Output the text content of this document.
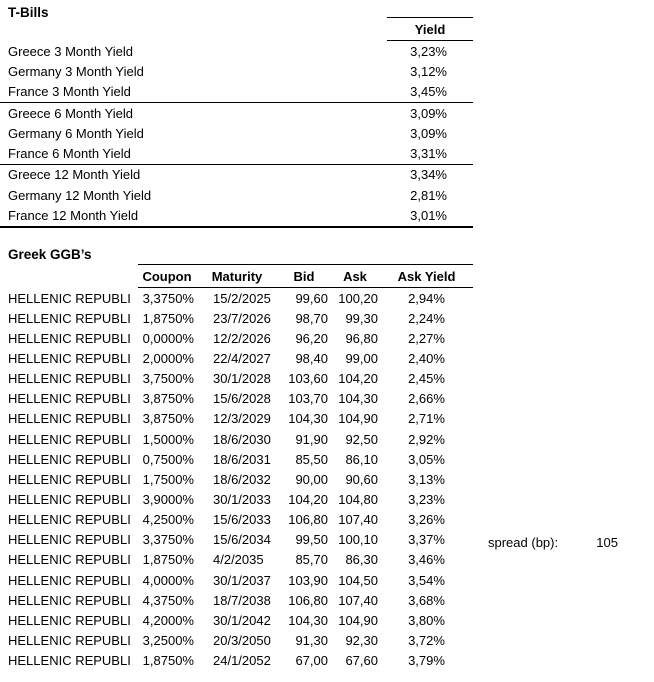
T-Bills
Yield
Greece 3 Month Yield	3,23%
Germany 3 Month Yield	3,12%
France 3 Month Yield	3,45%
Greece 6 Month Yield	3,09%
Germany 6 Month Yield	3,09%
France 6 Month Yield	3,31%
Greece 12 Month Yield	3,34%
Germany 12 Month Yield	2,81%
France 12 Month Yield	3,01%
Greek GGB’s
Coupon	Maturity	Bid	Ask	Ask Yield
HELLENIC REPUBLI 3,3750%	15/2/2025	99,60 100,20	2,94%
HELLENIC REPUBLI 1,8750%	23/7/2026	98,70	99,30	2,24%
HELLENIC REPUBLI 0,0000%	12/2/2026	96,20	96,80	2,27%
HELLENIC REPUBLI 2,0000%	22/4/2027	98,40	99,00	2,40%
HELLENIC REPUBLI 3,7500%	30/1/2028	103,60 104,20	2,45%
HELLENIC REPUBLI 3,8750%	15/6/2028	103,70 104,30	2,66%
HELLENIC REPUBLI 3,8750%	12/3/2029	104,30 104,90	2,71%
HELLENIC REPUBLI 1,5000%	18/6/2030	91,90	92,50	2,92%
HELLENIC REPUBLI 0,7500%	18/6/2031	85,50	86,10	3,05%
HELLENIC REPUBLI 1,7500%	18/6/2032	90,00	90,60	3,13%
HELLENIC REPUBLI 3,9000%	30/1/2033	104,20 104,80	3,23%
HELLENIC REPUBLI 4,2500%	15/6/2033	106,80 107,40	3,26%
HELLENIC REPUBLI 3,3750%	15/6/2034	99,50 100,10	3,37%
HELLENIC REPUBLI 1,8750%	4/2/2035	85,70	86,30	3,46%
HELLENIC REPUBLI 4,0000%	30/1/2037	103,90 104,50	3,54%
HELLENIC REPUBLI 4,3750%	18/7/2038	106,80 107,40	3,68%
HELLENIC REPUBLI 4,2000%	30/1/2042	104,30 104,90	3,80%
HELLENIC REPUBLI 3,2500%	20/3/2050	91,30	92,30	3,72%
HELLENIC REPUBLI 1,8750%	24/1/2052	67,00	67,60	3,79%
spread (bp):	105
